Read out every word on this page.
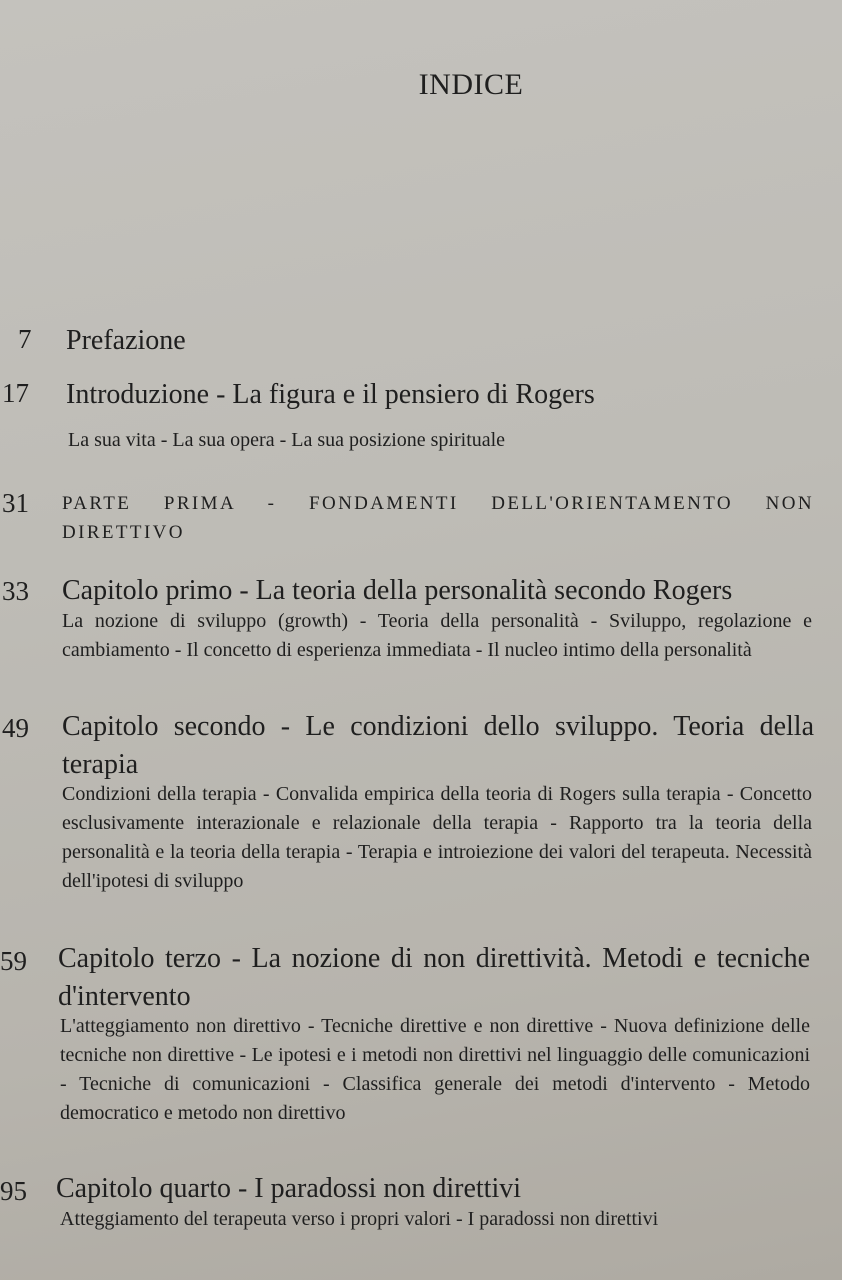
INDICE
7 Prefazione
17 Introduzione - La figura e il pensiero di Rogers
La sua vita - La sua opera - La sua posizione spirituale
31 PARTE PRIMA - FONDAMENTI DELL'ORIENTAMENTO NON DIRETTIVO
33 Capitolo primo - La teoria della personalità secondo Rogers
La nozione di sviluppo (growth) - Teoria della personalità - Sviluppo, regolazione e cambiamento - Il concetto di esperienza immediata - Il nucleo intimo della personalità
49 Capitolo secondo - Le condizioni dello sviluppo. Teoria della terapia
Condizioni della terapia - Convalida empirica della teoria di Rogers sulla terapia - Concetto esclusivamente interazionale e relazionale della terapia - Rapporto tra la teoria della personalità e la teoria della terapia - Terapia e introiezione dei valori del terapeuta. Necessità dell'ipotesi di sviluppo
59 Capitolo terzo - La nozione di non direttività. Metodi e tecniche d'intervento
L'atteggiamento non direttivo - Tecniche direttive e non direttive - Nuova definizione delle tecniche non direttive - Le ipotesi e i metodi non direttivi nel linguaggio delle comunicazioni - Tecniche di comunicazioni - Classifica generale dei metodi d'intervento - Metodo democratico e metodo non direttivo
95 Capitolo quarto - I paradossi non direttivi
Atteggiamento del terapeuta verso i propri valori - I paradossi non direttivi
